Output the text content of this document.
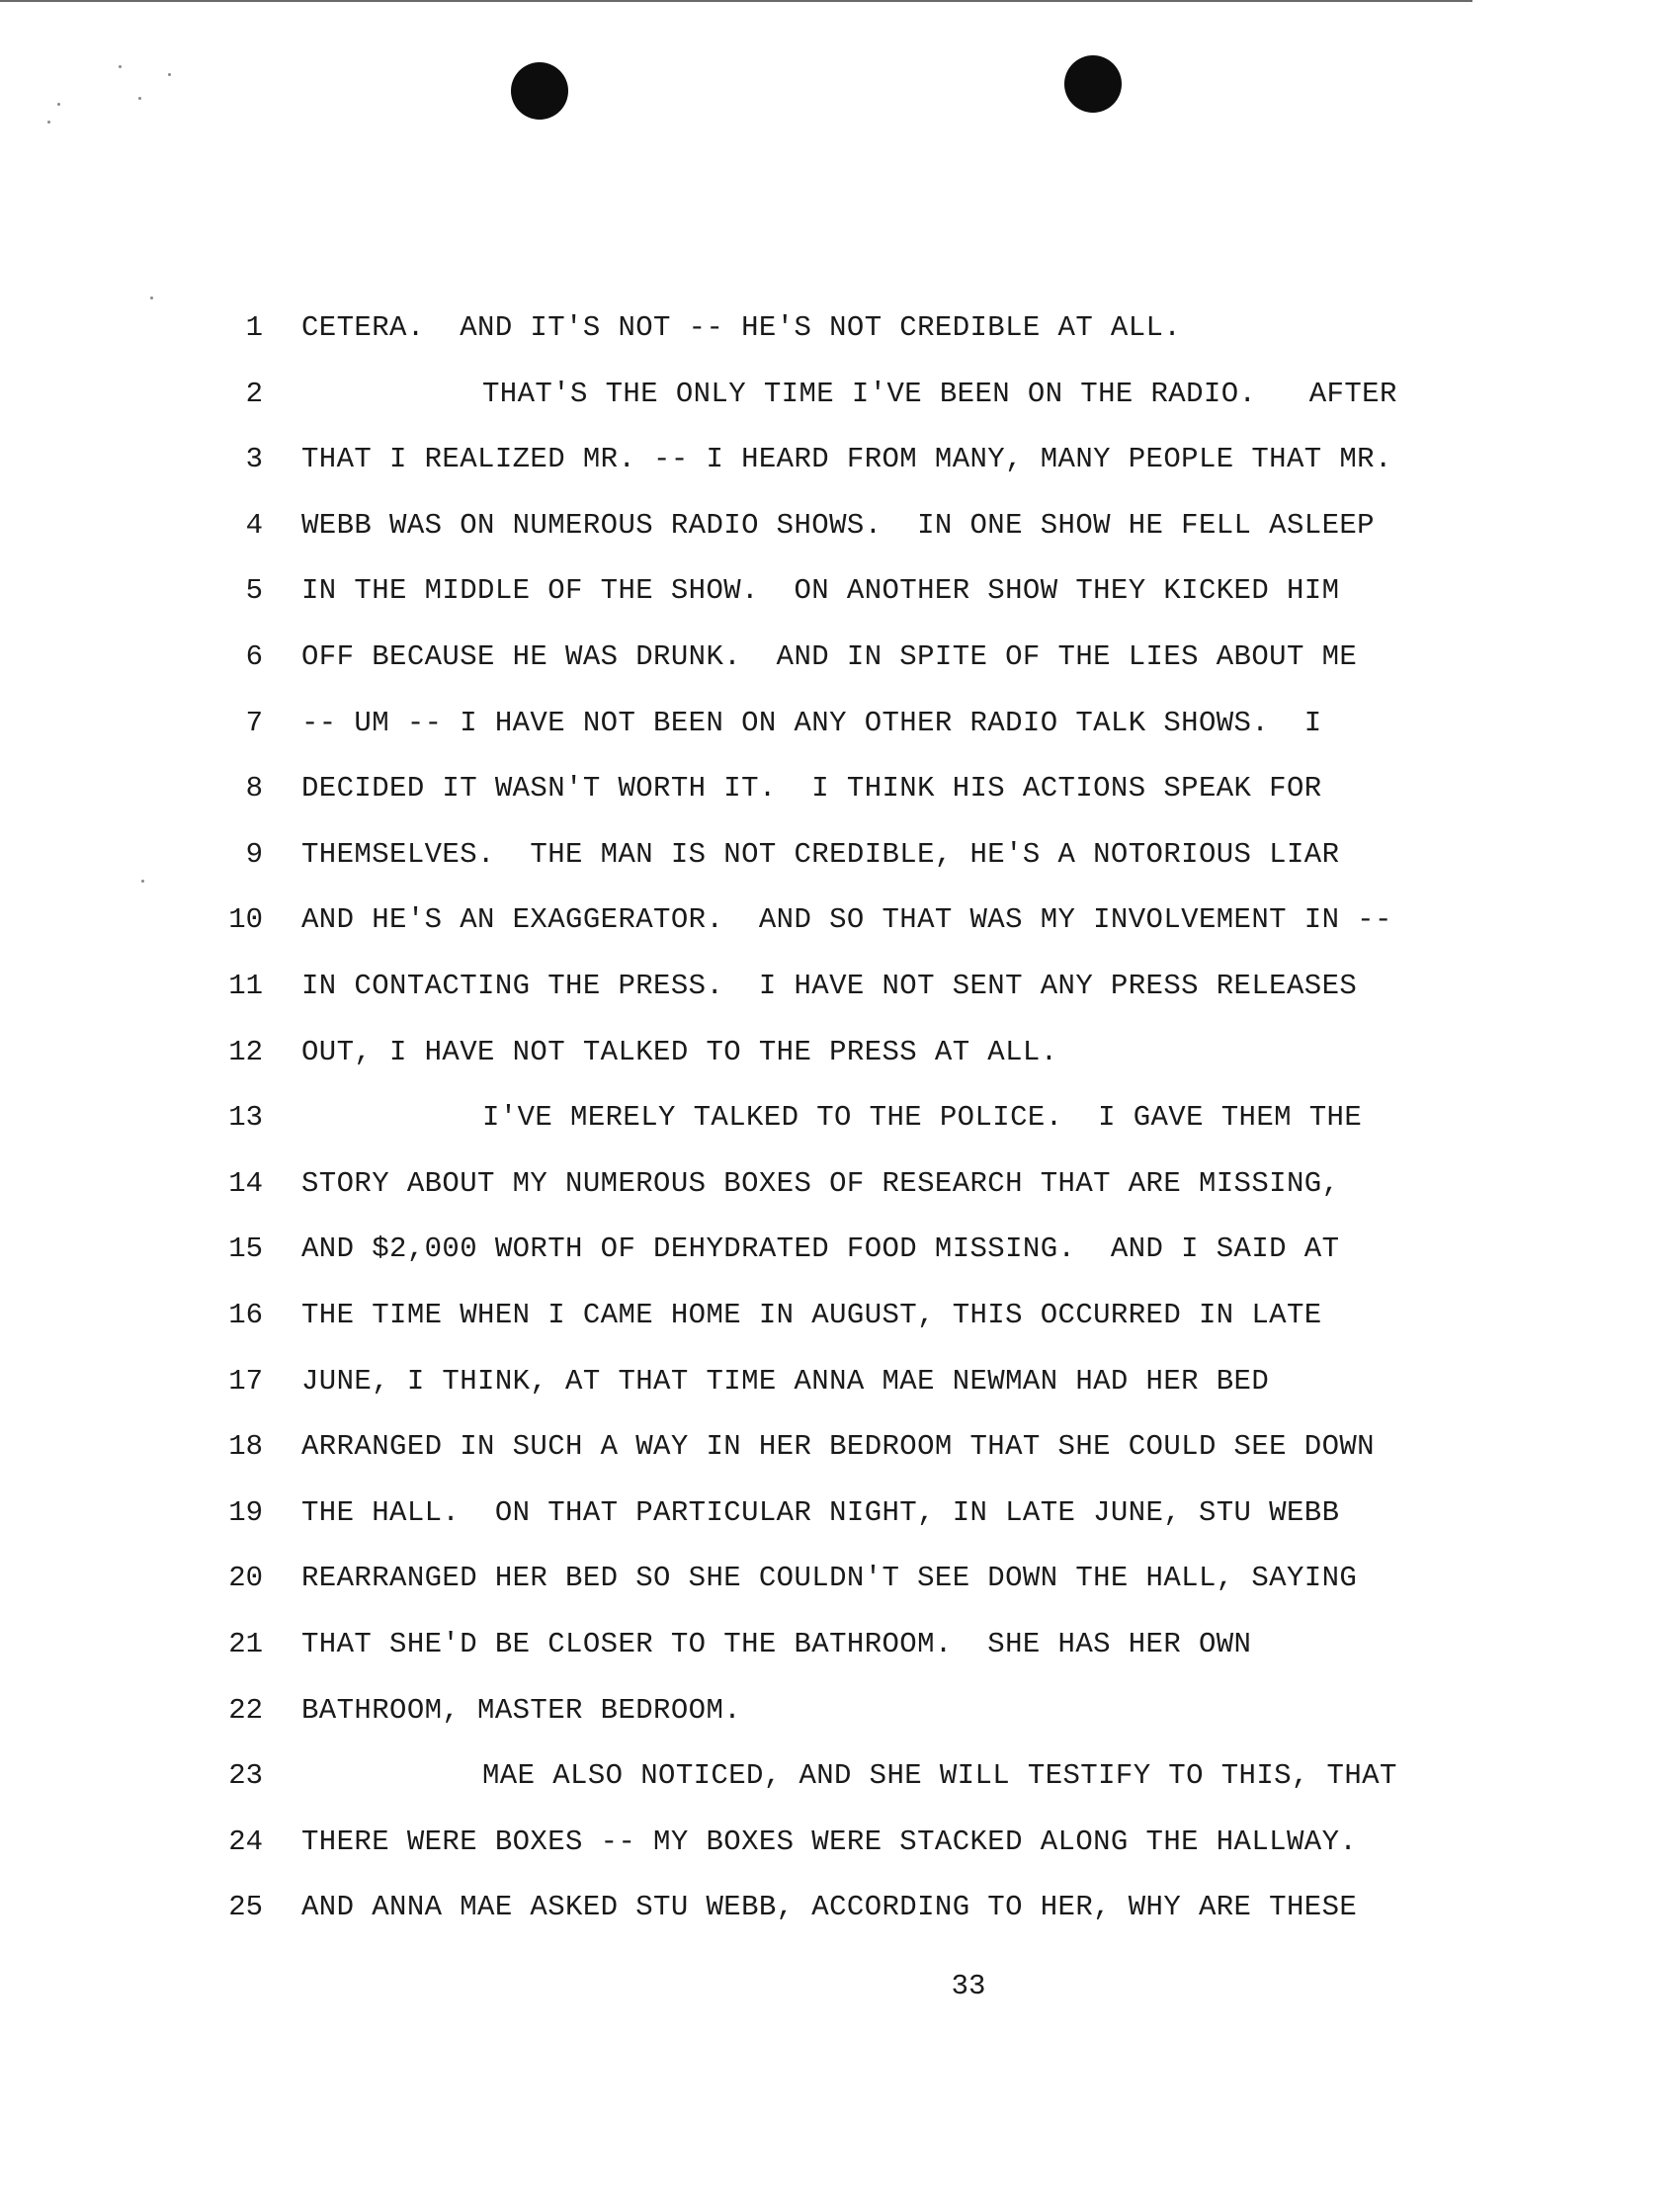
1 CETERA.  AND IT'S NOT -- HE'S NOT CREDIBLE AT ALL.
2	THAT'S THE ONLY TIME I'VE BEEN ON THE RADIO.   AFTER
3 THAT I REALIZED MR. -- I HEARD FROM MANY, MANY PEOPLE THAT MR.
4 WEBB WAS ON NUMEROUS RADIO SHOWS.  IN ONE SHOW HE FELL ASLEEP
5 IN THE MIDDLE OF THE SHOW.  ON ANOTHER SHOW THEY KICKED HIM
6 OFF BECAUSE HE WAS DRUNK.  AND IN SPITE OF THE LIES ABOUT ME
7 -- UM -- I HAVE NOT BEEN ON ANY OTHER RADIO TALK SHOWS.  I
8 DECIDED IT WASN'T WORTH IT.  I THINK HIS ACTIONS SPEAK FOR
9 THEMSELVES.  THE MAN IS NOT CREDIBLE, HE'S A NOTORIOUS LIAR
10 AND HE'S AN EXAGGERATOR.  AND SO THAT WAS MY INVOLVEMENT IN --
11 IN CONTACTING THE PRESS.  I HAVE NOT SENT ANY PRESS RELEASES
12 OUT, I HAVE NOT TALKED TO THE PRESS AT ALL.
13	I'VE MERELY TALKED TO THE POLICE.  I GAVE THEM THE
14 STORY ABOUT MY NUMEROUS BOXES OF RESEARCH THAT ARE MISSING,
15 AND $2,000 WORTH OF DEHYDRATED FOOD MISSING.  AND I SAID AT
16 THE TIME WHEN I CAME HOME IN AUGUST, THIS OCCURRED IN LATE
17 JUNE, I THINK, AT THAT TIME ANNA MAE NEWMAN HAD HER BED
18 ARRANGED IN SUCH A WAY IN HER BEDROOM THAT SHE COULD SEE DOWN
19 THE HALL.  ON THAT PARTICULAR NIGHT, IN LATE JUNE, STU WEBB
20 REARRANGED HER BED SO SHE COULDN'T SEE DOWN THE HALL, SAYING
21 THAT SHE'D BE CLOSER TO THE BATHROOM.  SHE HAS HER OWN
22 BATHROOM, MASTER BEDROOM.
23	MAE ALSO NOTICED, AND SHE WILL TESTIFY TO THIS, THAT
24 THERE WERE BOXES -- MY BOXES WERE STACKED ALONG THE HALLWAY.
25 AND ANNA MAE ASKED STU WEBB, ACCORDING TO HER, WHY ARE THESE
33
